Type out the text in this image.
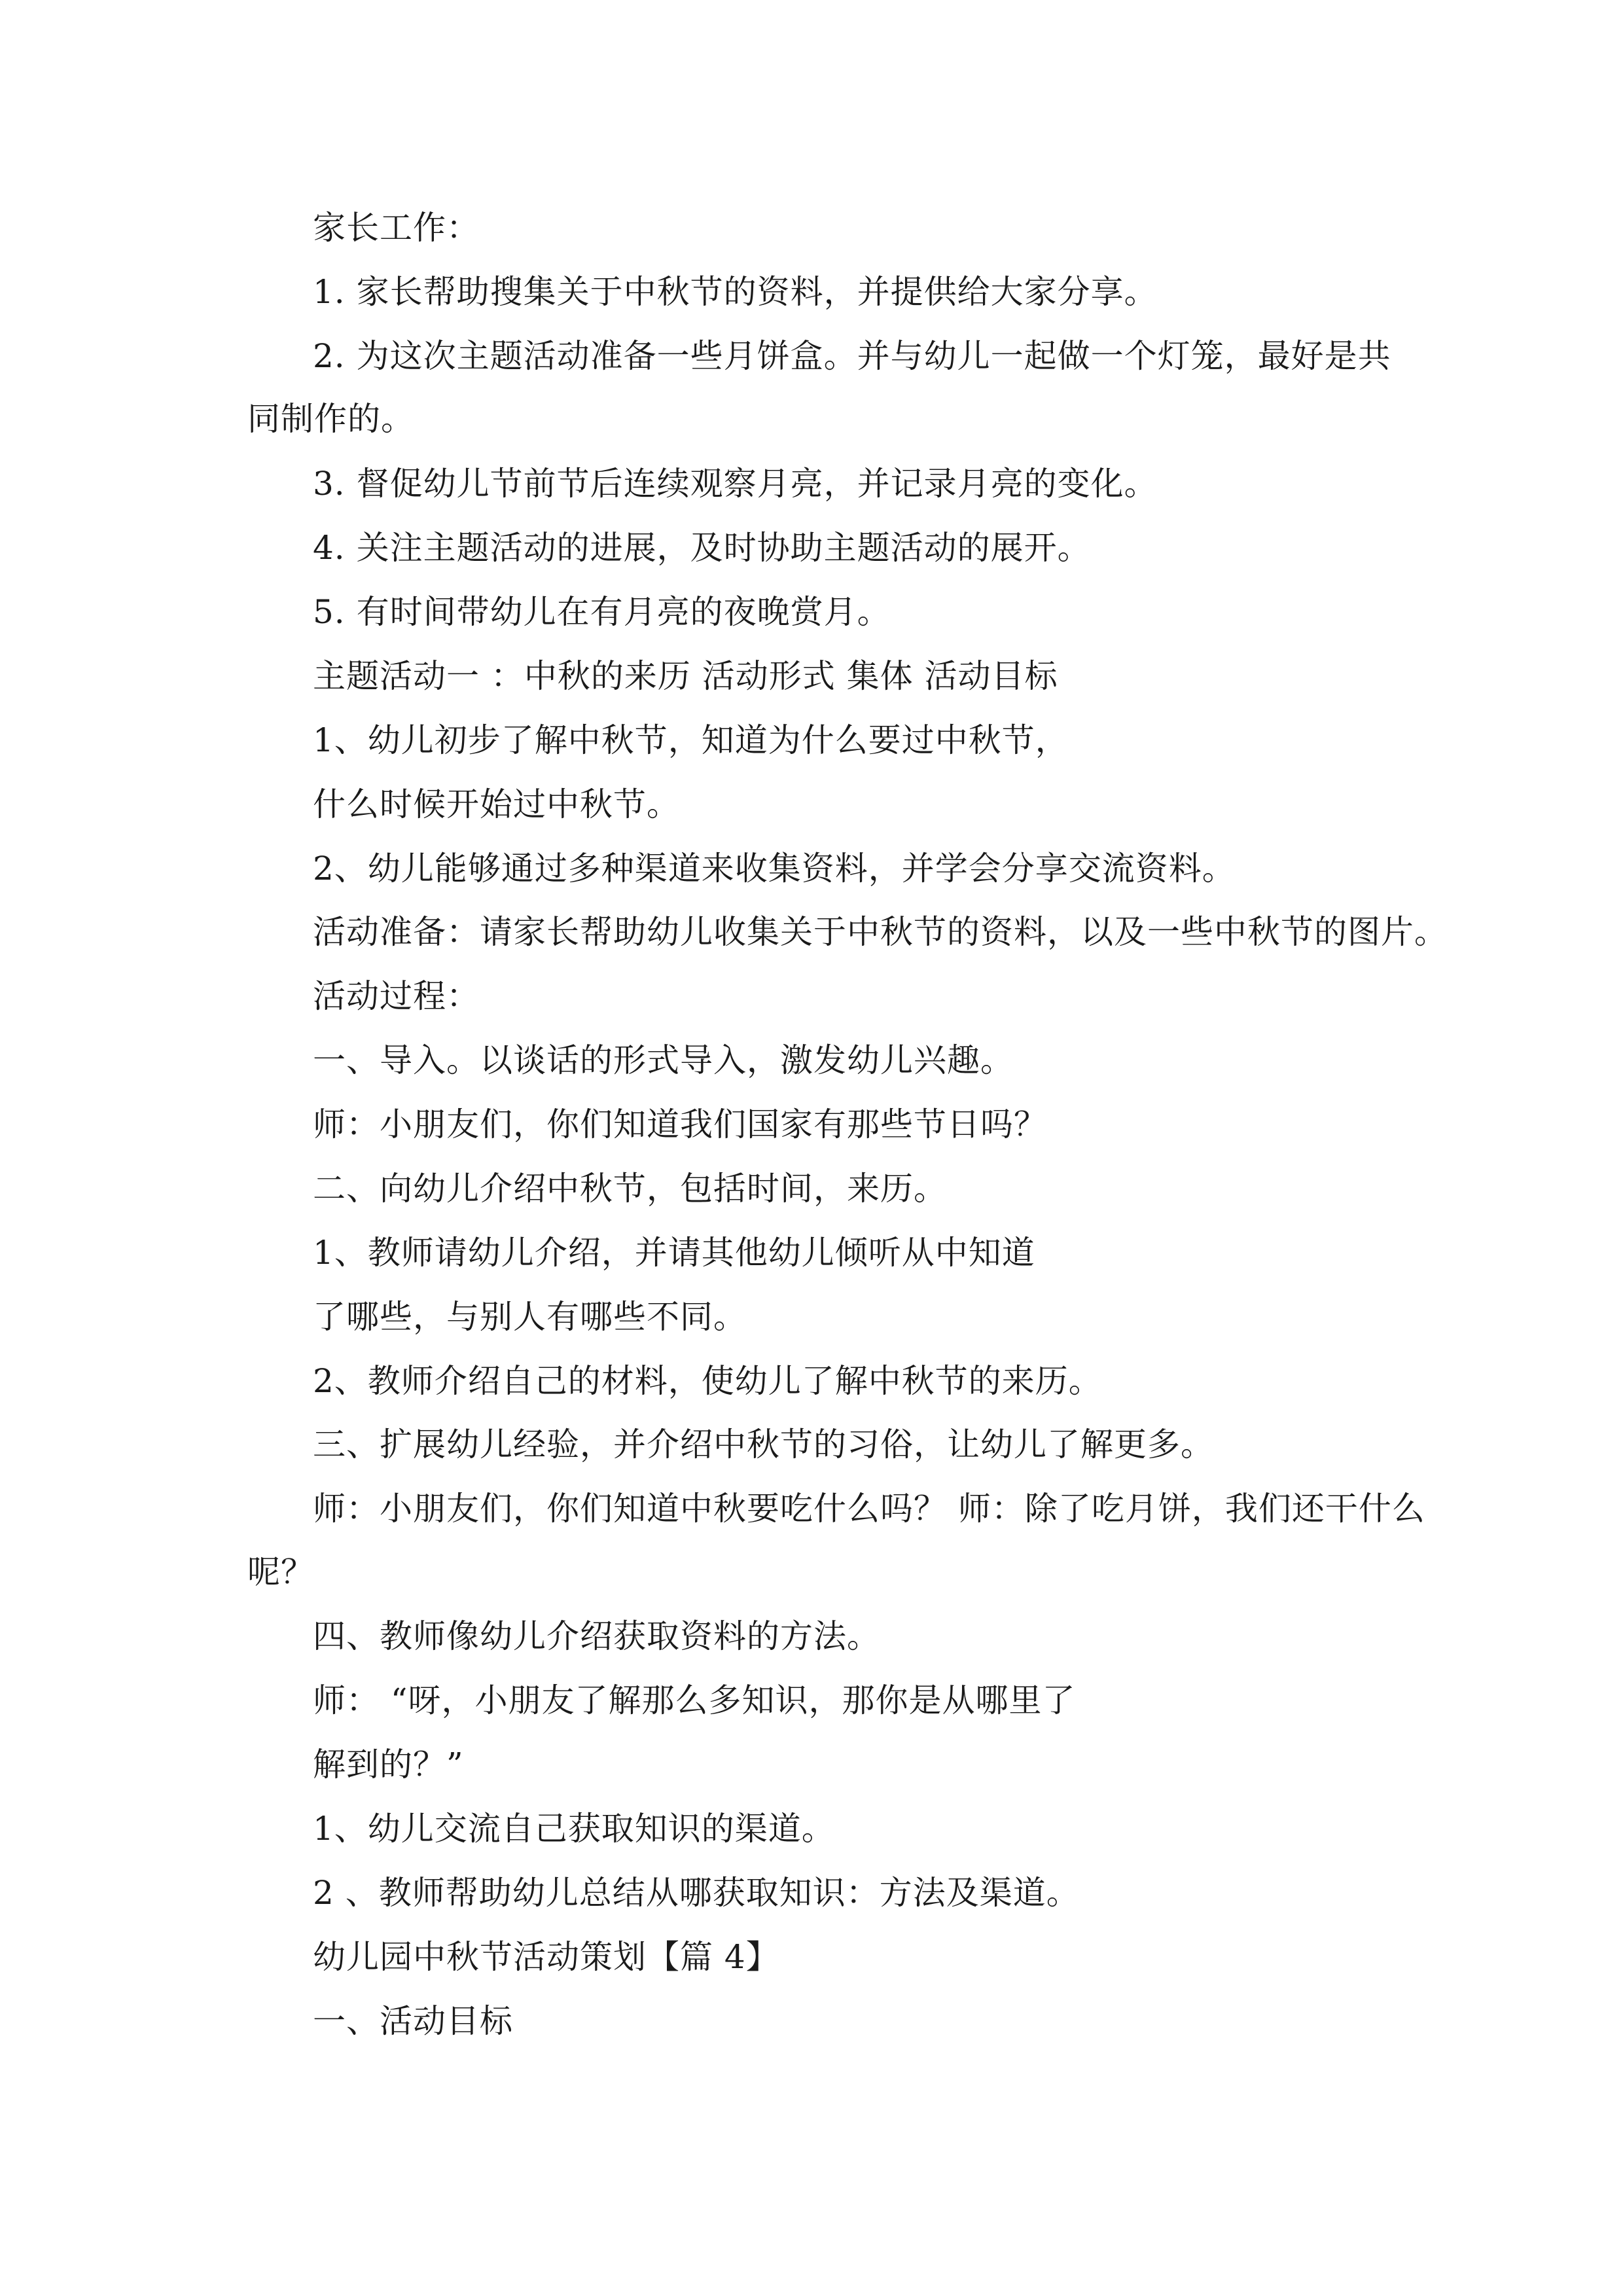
家长工作：
1. 家长帮助搜集关于中秋节的资料，并提供给大家分享。
2. 为这次主题活动准备一些月饼盒。并与幼儿一起做一个灯笼，最好是共
同制作的。
3. 督促幼儿节前节后连续观察月亮，并记录月亮的变化。
4. 关注主题活动的进展，及时协助主题活动的展开。
5. 有时间带幼儿在有月亮的夜晚赏月。
主题活动一 ：中秋的来历 活动形式 集体 活动目标
1、幼儿初步了解中秋节，知道为什么要过中秋节，
什么时候开始过中秋节。
2、幼儿能够通过多种渠道来收集资料，并学会分享交流资料。
活动准备：请家长帮助幼儿收集关于中秋节的资料，以及一些中秋节的图片。
活动过程：
一、导入。以谈话的形式导入，激发幼儿兴趣。
师：小朋友们，你们知道我们国家有那些节日吗？
二、向幼儿介绍中秋节，包括时间，来历。
1、教师请幼儿介绍，并请其他幼儿倾听从中知道
了哪些，与别人有哪些不同。
2、教师介绍自己的材料，使幼儿了解中秋节的来历。
三、扩展幼儿经验，并介绍中秋节的习俗，让幼儿了解更多。
师：小朋友们，你们知道中秋要吃什么吗？ 师：除了吃月饼，我们还干什么
呢？
四、教师像幼儿介绍获取资料的方法。
师： “呀，小朋友了解那么多知识，那你是从哪里了
解到的？”
1、幼儿交流自己获取知识的渠道。
2 、教师帮助幼儿总结从哪获取知识：方法及渠道。
幼儿园中秋节活动策划【篇 4】
一、活动目标
